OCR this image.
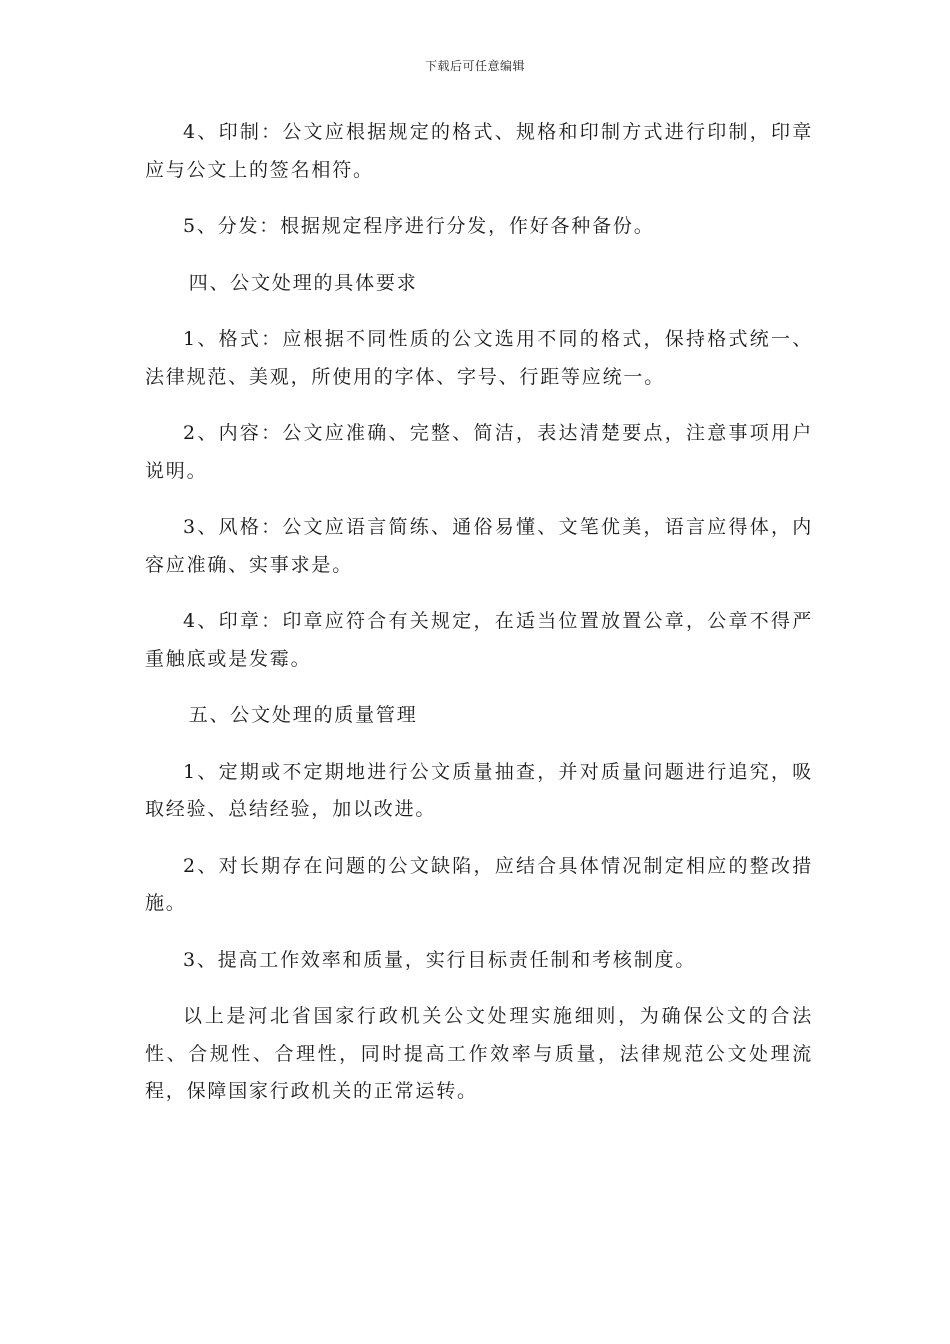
下载后可任意编辑

4、印制：公文应根据规定的格式、规格和印制方式进行印制，印章应与公文上的签名相符。

5、分发：根据规定程序进行分发，作好各种备份。

四、公文处理的具体要求

1、格式：应根据不同性质的公文选用不同的格式，保持格式统一、法律规范、美观，所使用的字体、字号、行距等应统一。

2、内容：公文应准确、完整、简洁，表达清楚要点，注意事项用户说明。

3、风格：公文应语言简练、通俗易懂、文笔优美，语言应得体，内容应准确、实事求是。

4、印章：印章应符合有关规定，在适当位置放置公章，公章不得严重触底或是发霉。

五、公文处理的质量管理

1、定期或不定期地进行公文质量抽查，并对质量问题进行追究，吸取经验、总结经验，加以改进。

2、对长期存在问题的公文缺陷，应结合具体情况制定相应的整改措施。

3、提高工作效率和质量，实行目标责任制和考核制度。

以上是河北省国家行政机关公文处理实施细则，为确保公文的合法性、合规性、合理性，同时提高工作效率与质量，法律规范公文处理流程，保障国家行政机关的正常运转。
